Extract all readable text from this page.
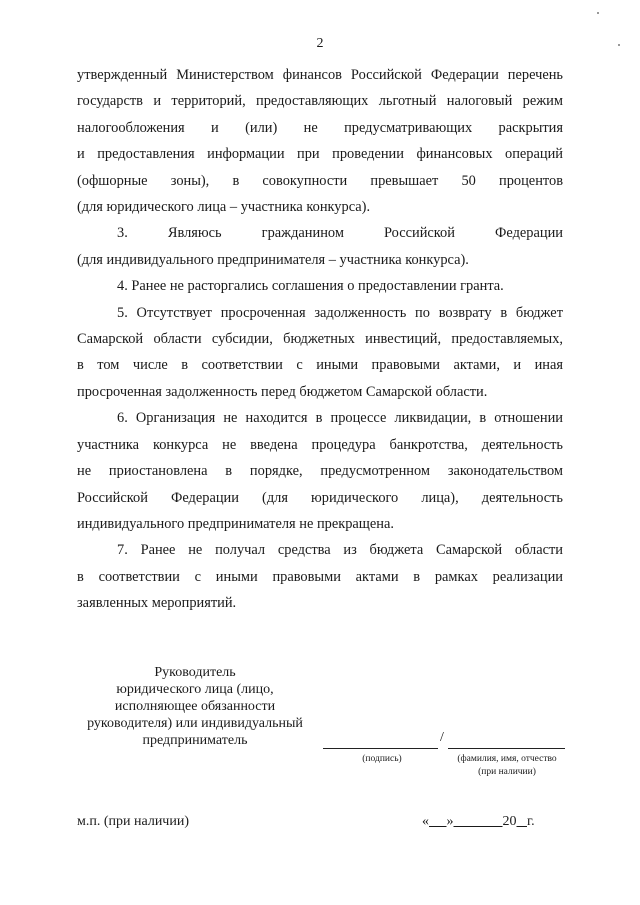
2

утвержденный Министерством финансов Российской Федерации перечень

государств и территорий, предоставляющих льготный налоговый режим

налогообложения и (или) не предусматривающих раскрытия

и предоставления информации при проведении финансовых операций

(офшорные зоны), в совокупности превышает 50 процентов

(для юридического лица – участника конкурса).

3. Являюсь гражданином Российской Федерации

(для индивидуального предпринимателя – участника конкурса).

4. Ранее не расторгались соглашения о предоставлении гранта.

5. Отсутствует просроченная задолженность по возврату в бюджет

Самарской области субсидии, бюджетных инвестиций, предоставляемых,

в том числе в соответствии с иными правовыми актами, и иная

просроченная задолженность перед бюджетом Самарской области.

6. Организация не находится в процессе ликвидации, в отношении

участника конкурса не введена процедура банкротства, деятельность

не приостановлена в порядке, предусмотренном законодательством

Российской Федерации (для юридического лица), деятельность

индивидуального предпринимателя не прекращена.

7. Ранее не получал средства из бюджета Самарской области

в соответствии с иными правовыми актами в рамках реализации

заявленных мероприятий.

Руководитель
юридического лица (лицо,
исполняющее обязанности
руководителя) или индивидуальный
предприниматель	/
(подпись)	(фамилия, имя, отчество
(при наличии)
м.п. (при наличии)	« »	20 г.
